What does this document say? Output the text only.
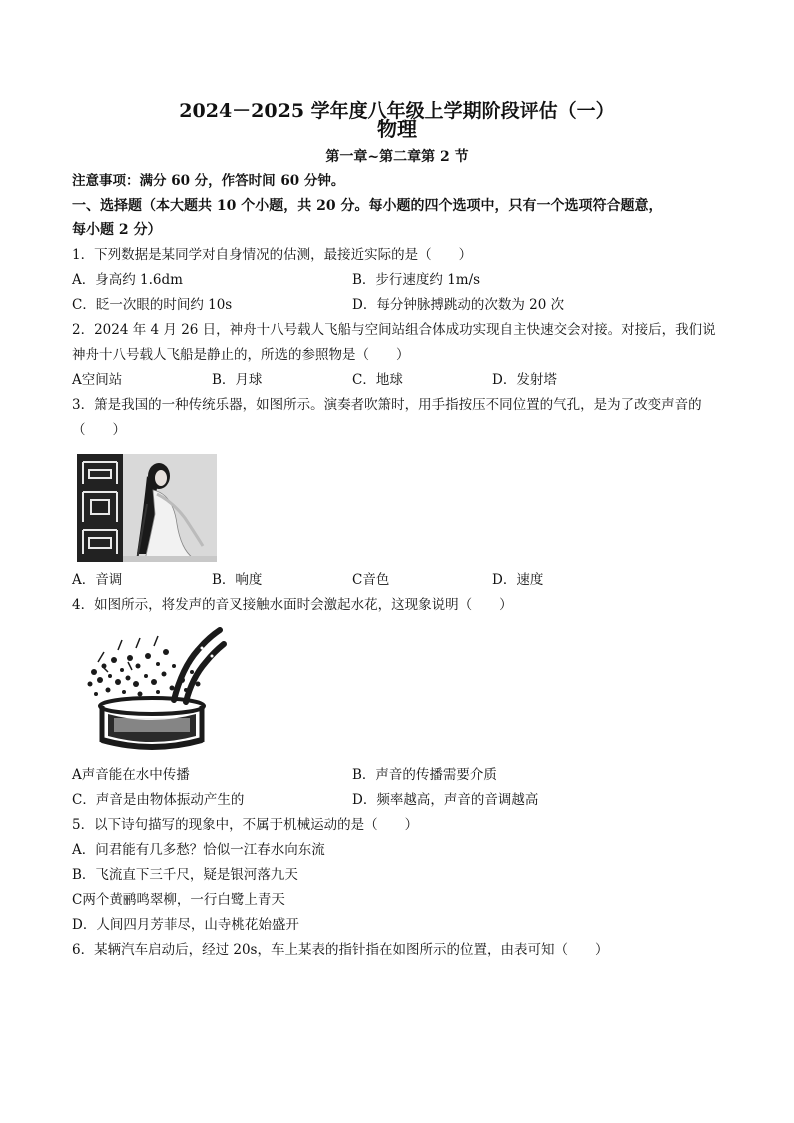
2024－2025 学年度八年级上学期阶段评估（一）
物理
第一章~第二章第 2 节
注意事项：满分 60 分，作答时间 60 分钟。
一、选择题（本大题共 10 个小题，共 20 分。每小题的四个选项中，只有一个选项符合题意，
每小题 2 分）
1．下列数据是某同学对自身情况的估测，最接近实际的是（　　）
A．身高约 1.6dm	B．步行速度约 1m/s
C．眨一次眼的时间约 10s	D．每分钟脉搏跳动的次数为 20 次
2．2024 年 4 月 26 日，神舟十八号载人飞船与空间站组合体成功实现自主快速交会对接。对接后，我们说
神舟十八号载人飞船是静止的，所选的参照物是（　　）
A空间站	B．月球	C．地球	D．发射塔
3．箫是我国的一种传统乐器，如图所示。演奏者吹箫时，用手指按压不同位置的气孔，是为了改变声音的
（　　）
A．音调	B．响度	C音色	D．速度
4．如图所示，将发声的音叉接触水面时会激起水花，这现象说明（　　）
A声音能在水中传播	B．声音的传播需要介质
C．声音是由物体振动产生的	D．频率越高，声音的音调越高
5．以下诗句描写的现象中，不属于机械运动的是（　　）
A．问君能有几多愁？恰似一江春水向东流
B．飞流直下三千尺，疑是银河落九天
C两个黄鹂鸣翠柳，一行白鹭上青天
D．人间四月芳菲尽，山寺桃花始盛开
6．某辆汽车启动后，经过 20s，车上某表的指针指在如图所示的位置，由表可知（　　）
